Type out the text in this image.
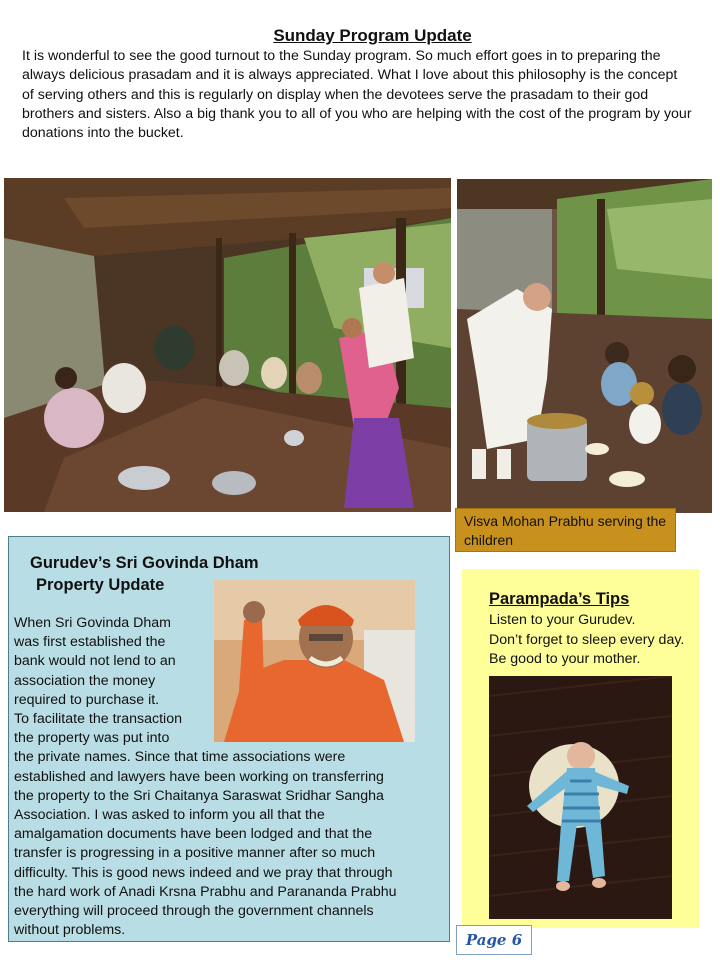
Sunday Program Update
It is wonderful to see the good turnout to the Sunday program. So much effort goes in to preparing the always delicious prasadam and it is always appreciated. What I love about this philosophy is the concept of serving others and this is regularly on display when the devotees serve the prasadam to their god brothers and sisters. Also a big thank you to all of you who are helping with the cost of the program by your donations into the bucket.
Visva Mohan Prabhu serving the children
Gurudev’s Sri Govinda Dham
Property Update
When Sri Govinda Dham
was first established the
bank would not lend to an
association the money
required to purchase it.
To facilitate the transaction
the property was put into
the private names. Since that time associations were
established and lawyers have been working on transferring
the property to the Sri Chaitanya Saraswat Sridhar Sangha
Association. I was asked to inform you all that the
amalgamation documents have been lodged and that the
transfer is progressing in a positive manner after so much
difficulty. This is good news indeed and we pray that through
the hard work of Anadi Krsna Prabhu and Parananda Prabhu
everything will proceed through the government channels
without problems.
Parampada’s Tips
Listen to your Gurudev.
Don’t forget to sleep every day.
Be good to your mother.
Page 6
